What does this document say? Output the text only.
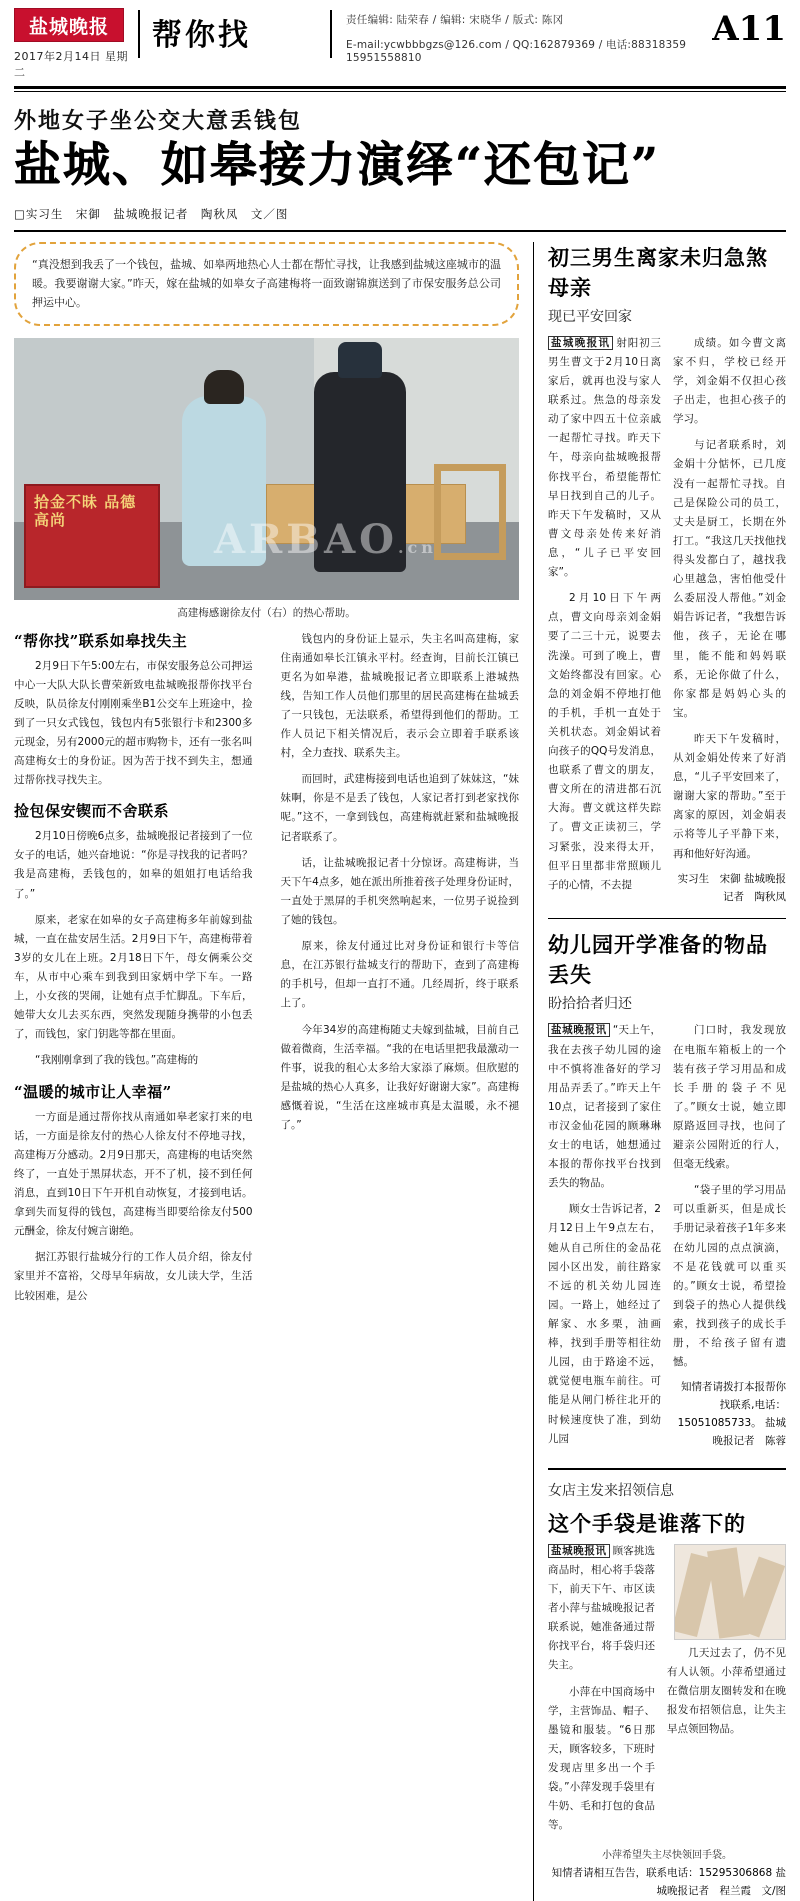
盐城晚报
2017年2月14日 星期二
帮你找	责任编辑: 陆荣春 / 编辑: 宋晓华 / 版式: 陈冈
E-mail:ycwbbbgzs@126.com / QQ:162879369 / 电话:88318359 15951558810
A11
外地女子坐公交大意丢钱包
盐城、如皋接力演绎“还包记”
□实习生　宋御　盐城晚报记者　陶秋凤　文／图
“真没想到我丢了一个钱包，盐城、如皋两地热心人士都在帮忙寻找，让我感到盐城这座城市的温暖。我要谢谢大家。”昨天，嫁在盐城的如皋女子高建梅将一面致谢锦旗送到了市保安服务总公司押运中心。
拾金不昧 品德高尚	ARBAO.cn
高建梅感谢徐友付（右）的热心帮助。
“帮你找”联系如皋找失主

2月9日下午5:00左右，市保安服务总公司押运中心一大队大队长曹荣新致电盐城晚报帮你找平台反映，队员徐友付刚刚乘坐B1公交车上班途中，捡到了一只女式钱包，钱包内有5张银行卡和2300多元现金，另有2000元的超市购物卡，还有一张名叫高建梅女士的身份证。因为苦于找不到失主，想通过帮你找寻找失主。

捡包保安锲而不舍联系

2月10日傍晚6点多，盐城晚报记者接到了一位女子的电话，她兴奋地说：“你是寻找我的记者吗？我是高建梅，丢钱包的，如皋的姐姐打电话给我了。”

原来，老家在如皋的女子高建梅多年前嫁到盐城，一直在盐安居生活。2月9日下午，高建梅带着3岁的女儿在上班。2月18日下午，母女俩乘公交车，从市中心乘车到我到田家炳中学下车。一路上，小女孩的哭闹，让她有点手忙脚乱。下车后，她带大女儿去买东西，突然发现随身携带的小包丢了，而钱包，家门钥匙等都在里面。

“我刚刚拿到了我的钱包。”高建梅的

“温暖的城市让人幸福”

一方面是通过帮你找从南通如皋老家打来的电话，一方面是徐友付的热心人徐友付不停地寻找，高建梅万分感动。2月9日那天，高建梅的电话突然终了，一直处于黑屏状态，开不了机，接不到任何消息，直到10日下午开机自动恢复，才接到电话。拿到失而复得的钱包，高建梅当即要给徐友付500元酬金，徐友付婉言谢绝。

据江苏银行盐城分行的工作人员介绍，徐友付家里并不富裕，父母早年病故，女儿读大学，生活比较困难，是公

钱包内的身份证上显示，失主名叫高建梅，家住南通如皋长江镇永平村。经查询，目前长江镇已更名为如皋港，盐城晚报记者立即联系上港城热线，告知工作人员他们那里的居民高建梅在盐城丢了一只钱包，无法联系，希望得到他们的帮助。工作人员记下相关情况后，表示会立即着手联系该村，全力查找、联系失主。

而回时，武建梅接到电话也追到了妹妹这，“妹妹啊，你是不是丢了钱包，人家记者打到老家找你呢。”这不，一拿到钱包，高建梅就赶紧和盐城晚报记者联系了。

话，让盐城晚报记者十分惊讶。高建梅讲，当天下午4点多，她在派出所推着孩子处理身份证时，一直处于黑屏的手机突然响起来，一位男子说捡到了她的钱包。

原来，徐友付通过比对身份证和银行卡等信息，在江苏银行盐城支行的帮助下，查到了高建梅的手机号，但却一直打不通。几经周折，终于联系上了。

今年34岁的高建梅随丈夫嫁到盐城，目前自己做着微商，生活幸福。“我的在电话里把我最激动一件事，说我的租心太多给大家添了麻烦。但欣慰的是盐城的热心人真多，让我好好谢谢大家”。高建梅感慨着说，“生活在这座城市真是太温暖，永不褪了。”

初三男生离家未归急煞母亲
现已平安回家

盐城晚报讯 射阳初三男生曹文于2月10日离家后，就再也没与家人联系过。焦急的母亲发动了家中四五十位亲戚一起帮忙寻找。昨天下午，母亲向盐城晚报帮你找平台，希望能帮忙早日找到自己的儿子。昨天下午发稿时，又从曹文母亲处传来好消息，“儿子已平安回家”。

2月10日下午两点，曹文向母亲刘金娟要了二三十元，说要去洗澡。可到了晚上，曹文始终都没有回家。心急的刘金娟不停地打他的手机，手机一直处于关机状态。刘金娟试着向孩子的QQ号发消息，也联系了曹文的朋友，曹文所在的清进都石沉大海。曹文就这样失踪了。曹文正读初三，学习紧张，没来得太开，但平日里都非常照顾儿子的心情，不去提

成绩。如今曹文离家不归，学校已经开学，刘金娟不仅担心孩子出走，也担心孩子的学习。

与记者联系时，刘金娟十分惦怀，已几度没有一起帮忙寻找。自己是保险公司的员工，丈夫是厨工，长期在外打工。“我这几天找他找得头发都白了，越找我心里越急，害怕他受什么委屈没人帮他。”刘金娟告诉记者，“我想告诉他，孩子，无论在哪里，能不能和妈妈联系，无论你做了什么，你家都是妈妈心头的宝。

昨天下午发稿时，从刘金娟处传来了好消息，“儿子平安回来了，谢谢大家的帮助。”至于离家的原因，刘金娟表示将等儿子平静下来，再和他好好沟通。

实习生　宋御 盐城晚报记者　陶秋凤

幼儿园开学准备的物品丢失
盼拾拾者归还

盐城晚报讯 “天上午，我在去孩子幼儿园的途中不慎将准备好的学习用品弄丢了。”昨天上午10点，记者接到了家住市汉金仙花园的顾琳琳女士的电话，她想通过本报的帮你找平台找到丢失的物品。

顾女士告诉记者，2月12日上午9点左右，她从自己所住的金品花园小区出发，前往路家不远的机关幼儿园连园。一路上，她经过了解家、水多栗，油画棒，找到手册等相往幼儿园，由于路途不远，就觉便电瓶车前往。可能是从闸门桥往北开的时候速度快了准，到幼儿园

门口时，我发现放在电瓶车箱板上的一个装有孩子学习用品和成长手册的袋子不见了。”顾女士说，她立即原路返回寻找，也问了避亲公园附近的行人，但毫无线索。

“袋子里的学习用品可以重新买，但是成长手册记录着孩子1年多来在幼儿园的点点演滴，不是花钱就可以重买的。”顾女士说，希望捡到袋子的热心人提供线索，找到孩子的成长手册，不给孩子留有遗憾。

知情者请拨打本报帮你找联系,电话：15051085733。 盐城晚报记者　陈蓉

女店主发来招领信息
这个手袋是谁落下的

盐城晚报讯 顾客挑选商品时，相心将手袋落下，前天下午、市区读者小萍与盐城晚报记者联系说，她准备通过帮你找平台，将手袋归还失主。

小萍在中国商场中学，主营饰品、帽子、墨镜和服装。“6日那天，顾客较多，下班时发现店里多出一个手袋。”小萍发现手袋里有牛奶、毛和打包的食品等。

几天过去了，仍不见有人认领。小萍希望通过在微信朋友圈转发和在晚报发布招领信息，让失主早点领回物品。

小萍希望失主尽快领回手袋。

知情者请相互告告，联系电话：15295306868 盐城晚报记者　程兰霞　文/图
